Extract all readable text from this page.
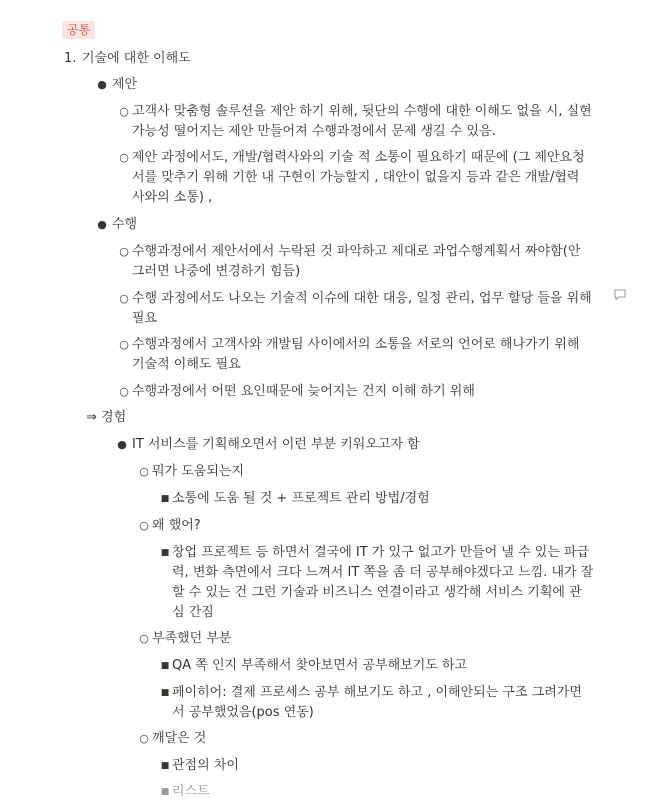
공통
1. 기술에 대한 이해도
● 제안
○ 고객사 맞춤형 솔루션을 제안 하기 위해, 뒷단의 수행에 대한 이해도 없을 시, 실현
가능성 떨어지는 제안 만들어져 수행과정에서 문제 생길 수 있음.
○ 제안 과정에서도, 개발/협력사와의 기술 적 소통이 필요하기 때문에 (그 제안요청
서를 맞추기 위해 기한 내 구현이 가능할지 , 대안이 없을지 등과 같은 개발/협력
사와의 소통) ,
● 수행
○ 수행과정에서 제안서에서 누락된 것 파악하고 제대로 과업수행계획서 짜야함(안
그러면 나중에 변경하기 힘듬)
○ 수행 과정에서도 나오는 기술적 이슈에 대한 대응, 일정 관리, 업무 할당 들을 위해
필요
○ 수행과정에서 고객사와 개발팀 사이에서의 소통을 서로의 언어로 해나가기 위해
기술적 이해도 필요
○ 수행과정에서 어떤 요인때문에 늦어지는 건지 이해 하기 위해
⇒ 경험
● IT 서비스를 기획해오면서 이런 부분 키워오고자 함
○ 뭐가 도움되는지
■ 소통에 도움 될 것 + 프로젝트 관리 방법/경험
○ 왜 했어?
■ 창업 프로젝트 등 하면서 결국에 IT 가 있구 없고가 만들어 낼 수 있는 파급
력, 변화 측면에서 크다 느껴서 IT 쪽을 좀 더 공부해야겠다고 느낌. 내가 잘
할 수 있는 건 그런 기술과 비즈니스 연결이라고 생각해 서비스 기획에 관
심 간짐
○ 부족했던 부분
■ QA 쪽 인지 부족해서 찾아보면서 공부해보기도 하고
■ 페이히어: 결제 프로세스 공부 해보기도 하고 , 이해안되는 구조 그려가면
서 공부했었음(pos 연동)
○ 깨달은 것
■ 관점의 차이
■ 리스트
